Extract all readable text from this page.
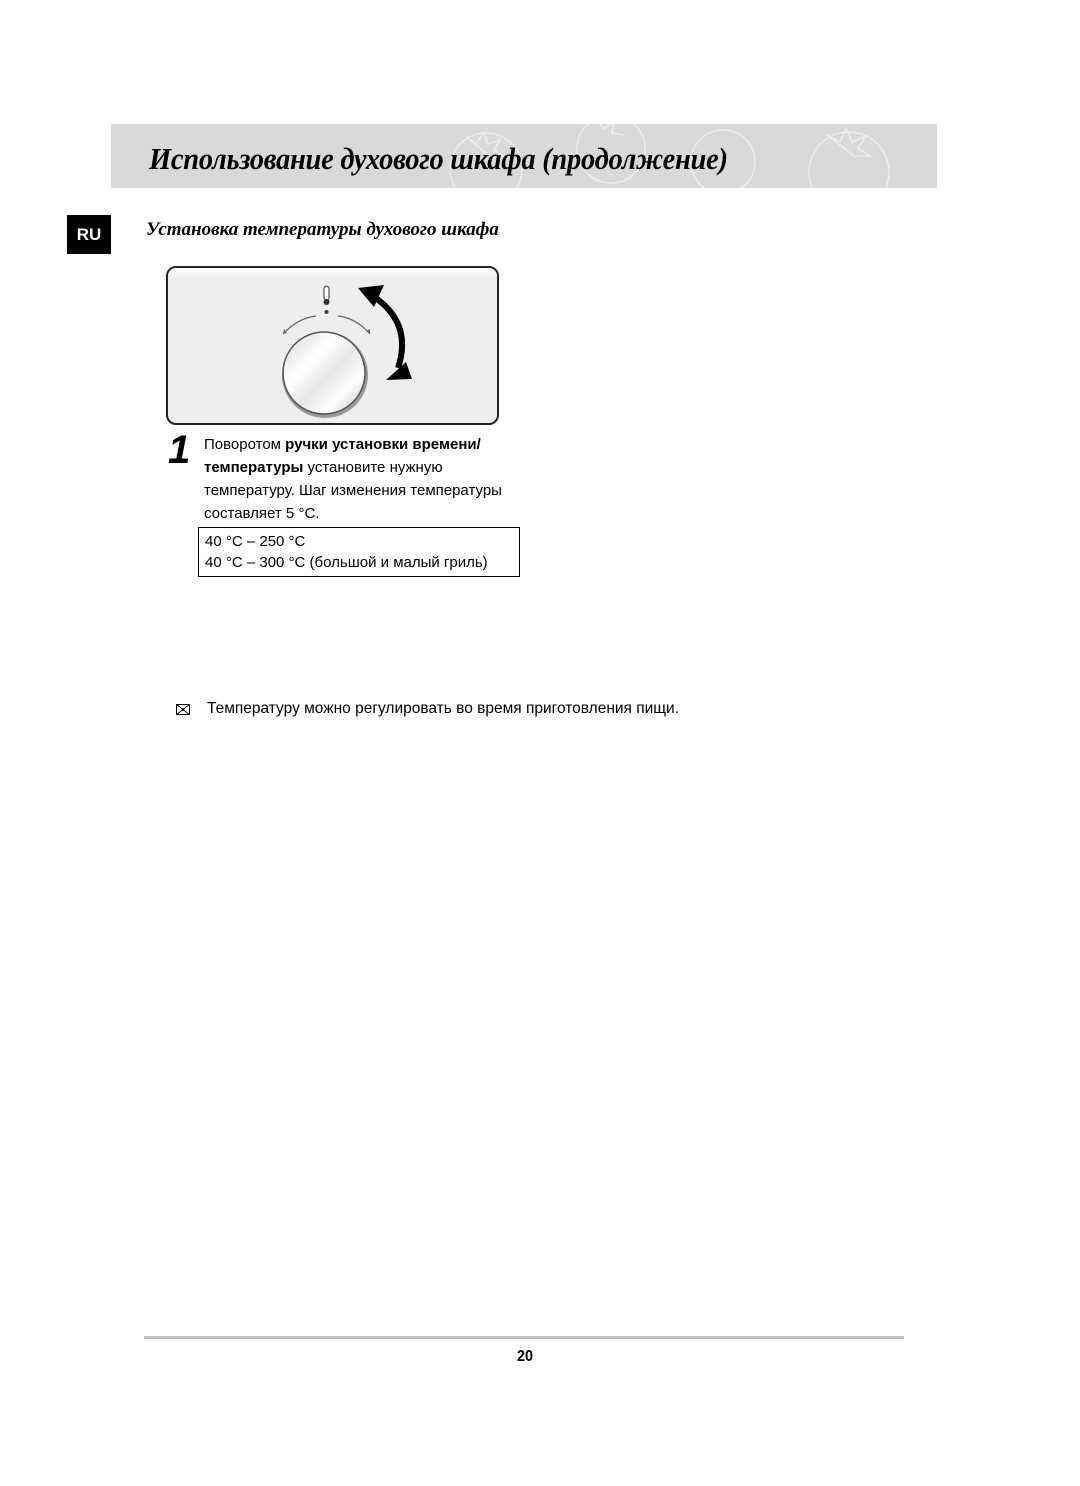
Использование духового шкафа (продолжение)
RU	Установка температуры духового шкафа
1 Поворотом ручки установки времени/температуры установите нужную температуру. Шаг изменения температуры составляет 5 °C.
40 °C – 250 °C
40 °C – 300 °C (большой и малый гриль)
Температуру можно регулировать во время приготовления пищи.
20
